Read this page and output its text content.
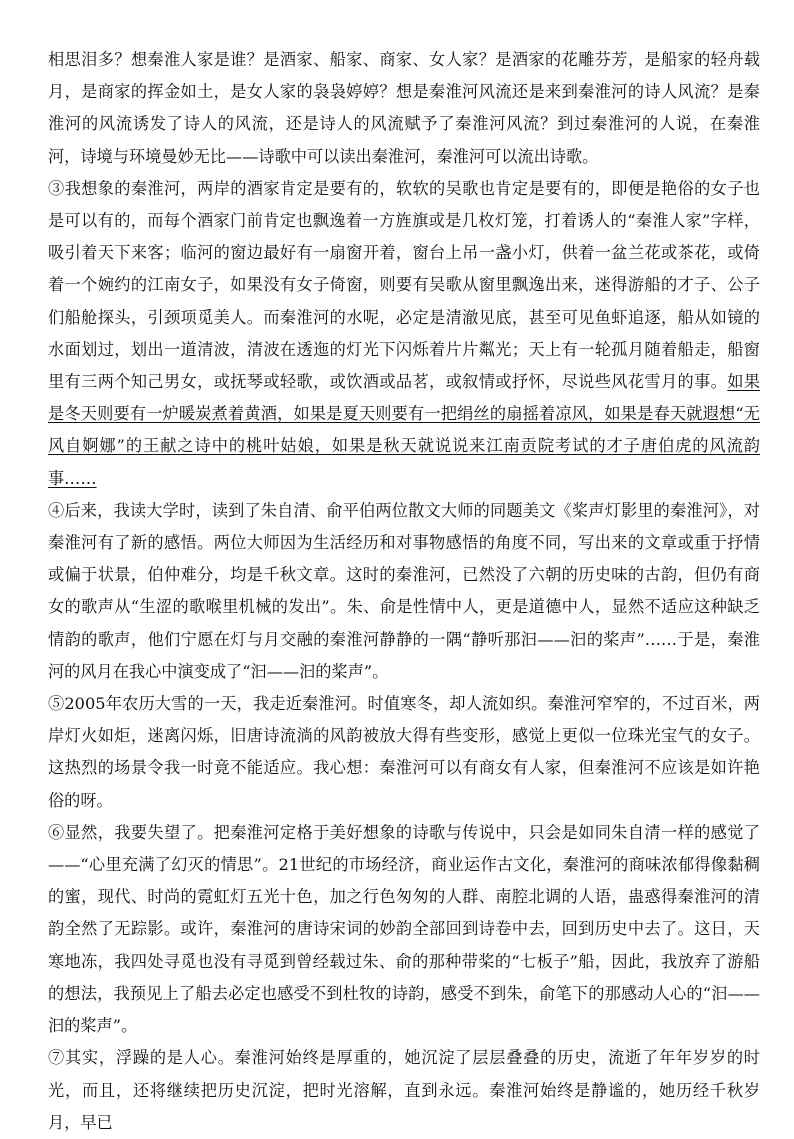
相思泪多？想秦淮人家是谁？是酒家、船家、商家、女人家？是酒家的花雕芬芳，是船家的轻舟载月，是商家的挥金如土，是女人家的袅袅婷婷？想是秦淮河风流还是来到秦淮河的诗人风流？是秦淮河的风流诱发了诗人的风流，还是诗人的风流赋予了秦淮河风流？到过秦淮河的人说，在秦淮河，诗境与环境曼妙无比——诗歌中可以读出秦淮河，秦淮河可以流出诗歌。

③我想象的秦淮河，两岸的酒家肯定是要有的，软软的吴歌也肯定是要有的，即便是艳俗的女子也是可以有的，而每个酒家门前肯定也飘逸着一方旌旗或是几枚灯笼，打着诱人的“秦淮人家”字样，吸引着天下来客；临河的窗边最好有一扇窗开着，窗台上吊一盏小灯，供着一盆兰花或茶花，或倚着一个婉约的江南女子，如果没有女子倚窗，则要有吴歌从窗里飘逸出来，迷得游船的才子、公子们船舱探头，引颈项觅美人。而秦淮河的水呢，必定是清澈见底，甚至可见鱼虾追逐，船从如镜的水面划过，划出一道清波，清波在透迤的灯光下闪烁着片片粼光；天上有一轮孤月随着船走，船窗里有三两个知己男女，或抚琴或轻歌，或饮酒或品茗，或叙情或抒怀，尽说些风花雪月的事。如果是冬天则要有一炉暖炭煮着黄酒，如果是夏天则要有一把绢丝的扇摇着凉风，如果是春天就遐想“无风自婀娜”的王献之诗中的桃叶姑娘，如果是秋天就说说来江南贡院考试的才子唐伯虎的风流韵事……

④后来，我读大学时，读到了朱自清、俞平伯两位散文大师的同题美文《桨声灯影里的秦淮河》，对秦淮河有了新的感悟。两位大师因为生活经历和对事物感悟的角度不同，写出来的文章或重于抒情或偏于状景，伯仲难分，均是千秋文章。这时的秦淮河，已然没了六朝的历史味的古韵，但仍有商女的歌声从“生涩的歌喉里机械的发出”。朱、俞是性情中人，更是道德中人，显然不适应这种缺乏情韵的歌声，他们宁愿在灯与月交融的秦淮河静静的一隅“静听那汩——汩的桨声”……于是，秦淮河的风月在我心中演变成了“汩——汩的桨声”。

⑤2005年农历大雪的一天，我走近秦淮河。时值寒冬，却人流如织。秦淮河窄窄的，不过百米，两岸灯火如炬，迷离闪烁，旧唐诗流淌的风韵被放大得有些变形，感觉上更似一位珠光宝气的女子。这热烈的场景令我一时竟不能适应。我心想：秦淮河可以有商女有人家，但秦淮河不应该是如许艳俗的呀。

⑥显然，我要失望了。把秦淮河定格于美好想象的诗歌与传说中，只会是如同朱自清一样的感觉了——“心里充满了幻灭的情思”。21世纪的市场经济，商业运作古文化，秦淮河的商味浓郁得像黏稠的蜜，现代、时尚的霓虹灯五光十色，加之行色匆匆的人群、南腔北调的人语，蛊惑得秦淮河的清韵全然了无踪影。或许，秦淮河的唐诗宋词的妙韵全部回到诗卷中去，回到历史中去了。这日，天寒地冻，我四处寻觅也没有寻觅到曾经载过朱、俞的那种带桨的“七板子”船，因此，我放弃了游船的想法，我预见上了船去必定也感受不到杜牧的诗韵，感受不到朱，俞笔下的那感动人心的“汩——汩的桨声”。

⑦其实，浮躁的是人心。秦淮河始终是厚重的，她沉淀了层层叠叠的历史，流逝了年年岁岁的时光，而且，还将继续把历史沉淀，把时光溶解，直到永远。秦淮河始终是静谧的，她历经千秋岁月，早已
